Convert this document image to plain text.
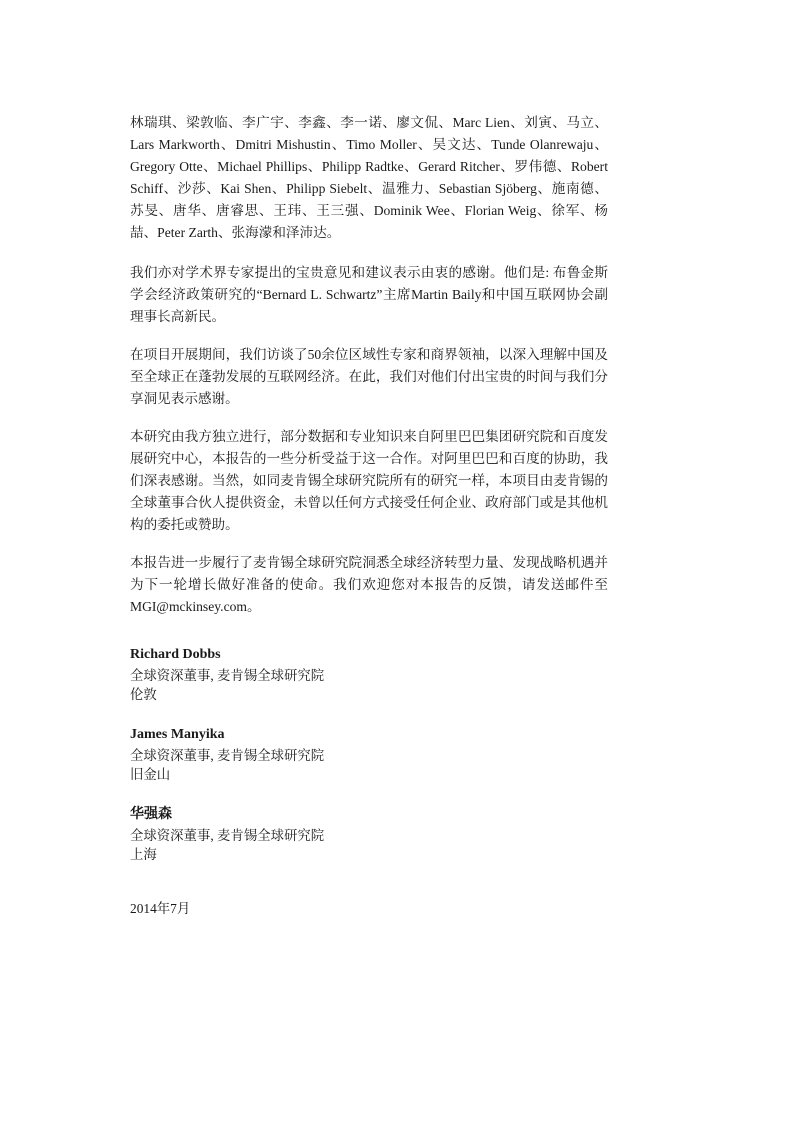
林瑞琪、梁敦临、李广宇、李鑫、李一诺、廖文侃、Marc Lien、刘寅、马立、Lars Markworth、Dmitri Mishustin、Timo Moller、吴文达、Tunde Olanrewaju、Gregory Otte、Michael Phillips、Philipp Radtke、Gerard Ritcher、罗伟德、Robert Schiff、沙莎、Kai Shen、Philipp Siebelt、温雅力、Sebastian Sjöberg、施南德、苏旻、唐华、唐睿思、王玮、王三强、Dominik Wee、Florian Weig、徐军、杨喆、Peter Zarth、张海濛和泽沛达。

我们亦对学术界专家提出的宝贵意见和建议表示由衷的感谢。他们是: 布鲁金斯学会经济政策研究的“Bernard L. Schwartz”主席Martin Baily和中国互联网协会副理事长高新民。

在项目开展期间，我们访谈了50余位区域性专家和商界领袖，以深入理解中国及至全球正在蓬勃发展的互联网经济。在此，我们对他们付出宝贵的时间与我们分享洞见表示感谢。

本研究由我方独立进行，部分数据和专业知识来自阿里巴巴集团研究院和百度发展研究中心，本报告的一些分析受益于这一合作。对阿里巴巴和百度的协助，我们深表感谢。当然，如同麦肯锡全球研究院所有的研究一样，本项目由麦肯锡的全球董事合伙人提供资金，未曾以任何方式接受任何企业、政府部门或是其他机构的委托或赞助。

本报告进一步履行了麦肯锡全球研究院洞悉全球经济转型力量、发现战略机遇并为下一轮增长做好准备的使命。我们欢迎您对本报告的反馈，请发送邮件至MGI@mckinsey.com。

Richard Dobbs
全球资深董事, 麦肯锡全球研究院
伦敦
James Manyika
全球资深董事, 麦肯锡全球研究院
旧金山
华强森
全球资深董事, 麦肯锡全球研究院
上海
2014年7月
